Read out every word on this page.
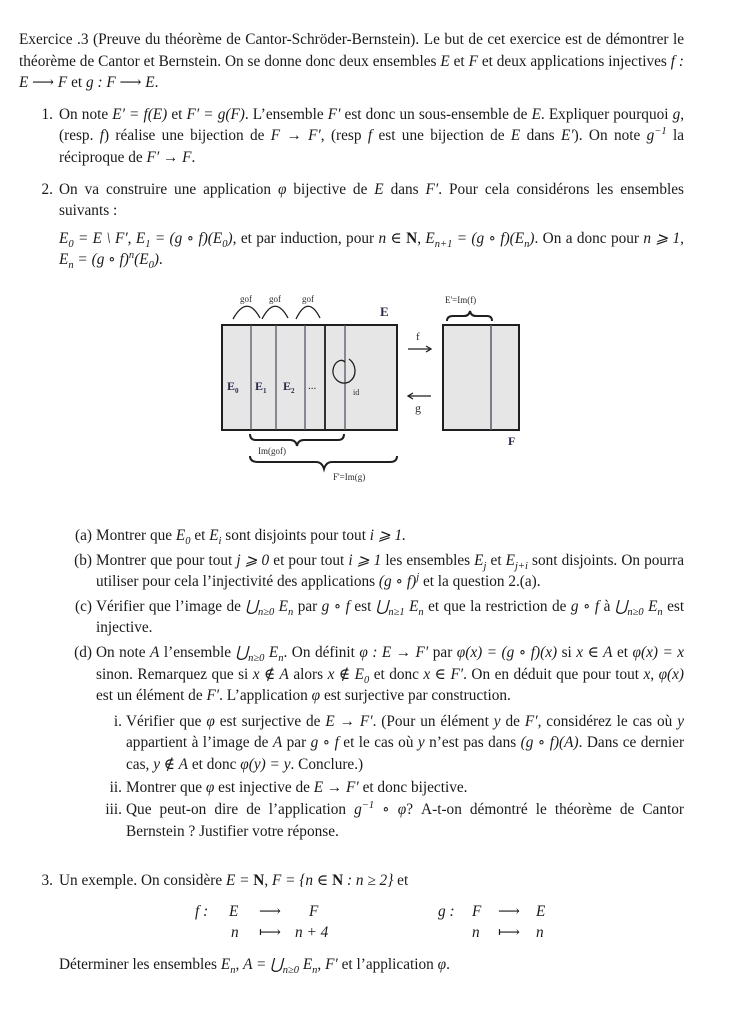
Exercice .3 (Preuve du théorème de Cantor-Schröder-Bernstein). Le but de cet exercice est de démontrer le théorème de Cantor et Bernstein. On se donne donc deux ensembles E et F et deux applications injectives f : E ⟶ F et g : F ⟶ E.
1. On note E′ = f(E) et F′ = g(F). L’ensemble F′ est donc un sous-ensemble de E. Expliquer pourquoi g, (resp. f) réalise une bijection de F → F′, (resp f est une bijection de E dans E′). On note $g^{-1}$ la réciproque de F′ → F.
2. On va construire une application φ bijective de E dans F′. Pour cela considérons les ensembles suivants :
$E_0 = E$ \ F′, $E_1 = (g$ ∘ $f)(E_0)$, et par induction, pour n ∈ N, $E_{n+1} = (g$ ∘ $f)(E_n)$. On a donc pour n ⩾ 1, $E_n = (g$ ∘ $f)^n(E_0)$.
(a) Montrer que $E_0$ et $E_i$ sont disjoints pour tout i ⩾ 1.
(b) Montrer que pour tout j ⩾ 0 et pour tout i ⩾ 1 les ensembles $E_j$ et $E_{j+i}$ sont disjoints. On pourra utiliser pour cela l’injectivité des applications (g ∘ f)$^j$ et la question 2.(a).
(c) Vérifier que l’image de $⋃_{n\ge 0}$ $E_n$ par g ∘ f est $⋃_{n\ge 1}$ $E_n$ et que la restriction de g ∘ f à $⋃_{n\ge 0}$ $E_n$ est injective.
(d) On note A l’ensemble $⋃_{n\ge 0}$ $E_n$. On définit φ : E → F′ par φ(x) = (g ∘ f)(x) si x ∈ A et φ(x) = x sinon. Remarquez que si x ∉ A alors x ∉ $E_0$ et donc x ∈ F′. On en déduit que pour tout x, φ(x) est un élément de F′. L’application φ est surjective par construction.
i. Vérifier que φ est surjective de E → F′. (Pour un élément y de F′, considérez le cas où y appartient à l’image de A par g ∘ f et le cas où y n’est pas dans (g ∘ f)(A). Dans ce dernier cas, y ∉ A et donc φ(y) = y. Conclure.)
ii. Montrer que φ est injective de E → F′ et donc bijective.
iii. Que peut-on dire de l’application $g^{-1}$ ∘ φ? A-t-on démontré le théorème de Cantor Bernstein ? Justifier votre réponse.
3. Un exemple. On considère E = N, F = {n ∈ N : n ≥ 2} et
Déterminer les ensembles $E_n$, $A = ⋃_{n\ge 0}$ $E_n$, F′ et l’application φ.
f : E ⟶ F
n ⟼ n + 4
g : F ⟶ E
n ⟼ n
gof gof gof
E
$E_0$ $E_1$ $E_2$ ...
id
f
g
F
E'=Im(f)
Im(gof)
F'=Im(g)
